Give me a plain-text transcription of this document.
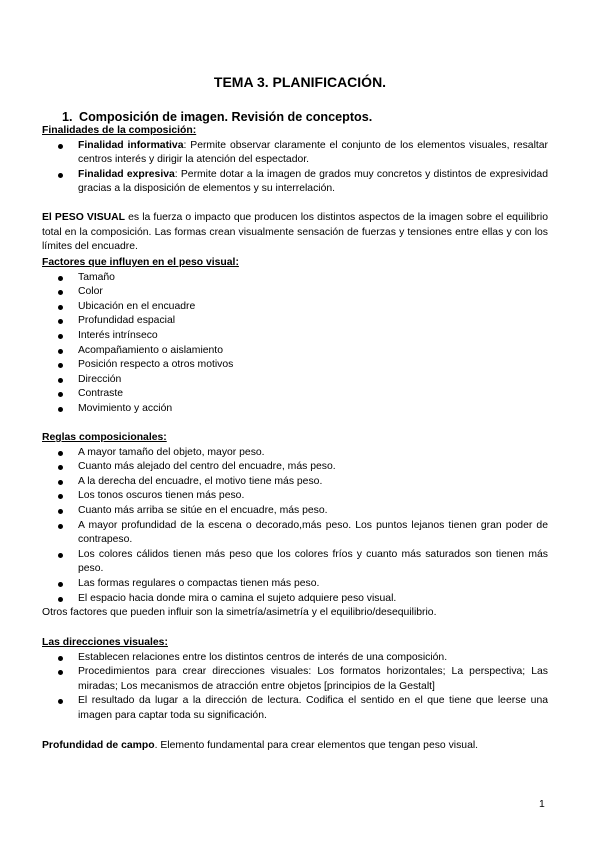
TEMA 3. PLANIFICACIÓN.
1. Composición de imagen. Revisión de conceptos.
Finalidades de la composición:
Finalidad informativa: Permite observar claramente el conjunto de los elementos visuales, resaltar centros interés y dirigir la atención del espectador.
Finalidad expresiva: Permite dotar a la imagen de grados muy concretos y distintos de expresividad gracias a la disposición de elementos y su interrelación.
El PESO VISUAL es la fuerza o impacto que producen los distintos aspectos de la imagen sobre el equilibrio total en la composición. Las formas crean visualmente sensación de fuerzas y tensiones entre ellas y con los límites del encuadre.
Factores que influyen en el peso visual:
Tamaño
Color
Ubicación en el encuadre
Profundidad espacial
Interés intrínseco
Acompañamiento o aislamiento
Posición respecto a otros motivos
Dirección
Contraste
Movimiento y acción
Reglas composicionales:
A mayor tamaño del objeto, mayor peso.
Cuanto más alejado del centro del encuadre, más peso.
A la derecha del encuadre, el motivo tiene más peso.
Los tonos oscuros tienen más peso.
Cuanto más arriba se sitúe en el encuadre, más peso.
A mayor profundidad de la escena o decorado,más peso. Los puntos lejanos tienen gran poder de contrapeso.
Los colores cálidos tienen más peso que los colores fríos y cuanto más saturados son tienen más peso.
Las formas regulares o compactas tienen más peso.
El espacio hacia donde mira o camina el sujeto adquiere peso visual.
Otros factores que pueden influir son la simetría/asimetría y el equilibrio/desequilibrio.
Las direcciones visuales:
Establecen relaciones entre los distintos centros de interés de una composición.
Procedimientos para crear direcciones visuales: Los formatos horizontales; La perspectiva; Las miradas; Los mecanismos de atracción entre objetos [principios de la Gestalt]
El resultado da lugar a la dirección de lectura. Codifica el sentido en el que tiene que leerse una imagen para captar toda su significación.
Profundidad de campo. Elemento fundamental para crear elementos que tengan peso visual.
1
